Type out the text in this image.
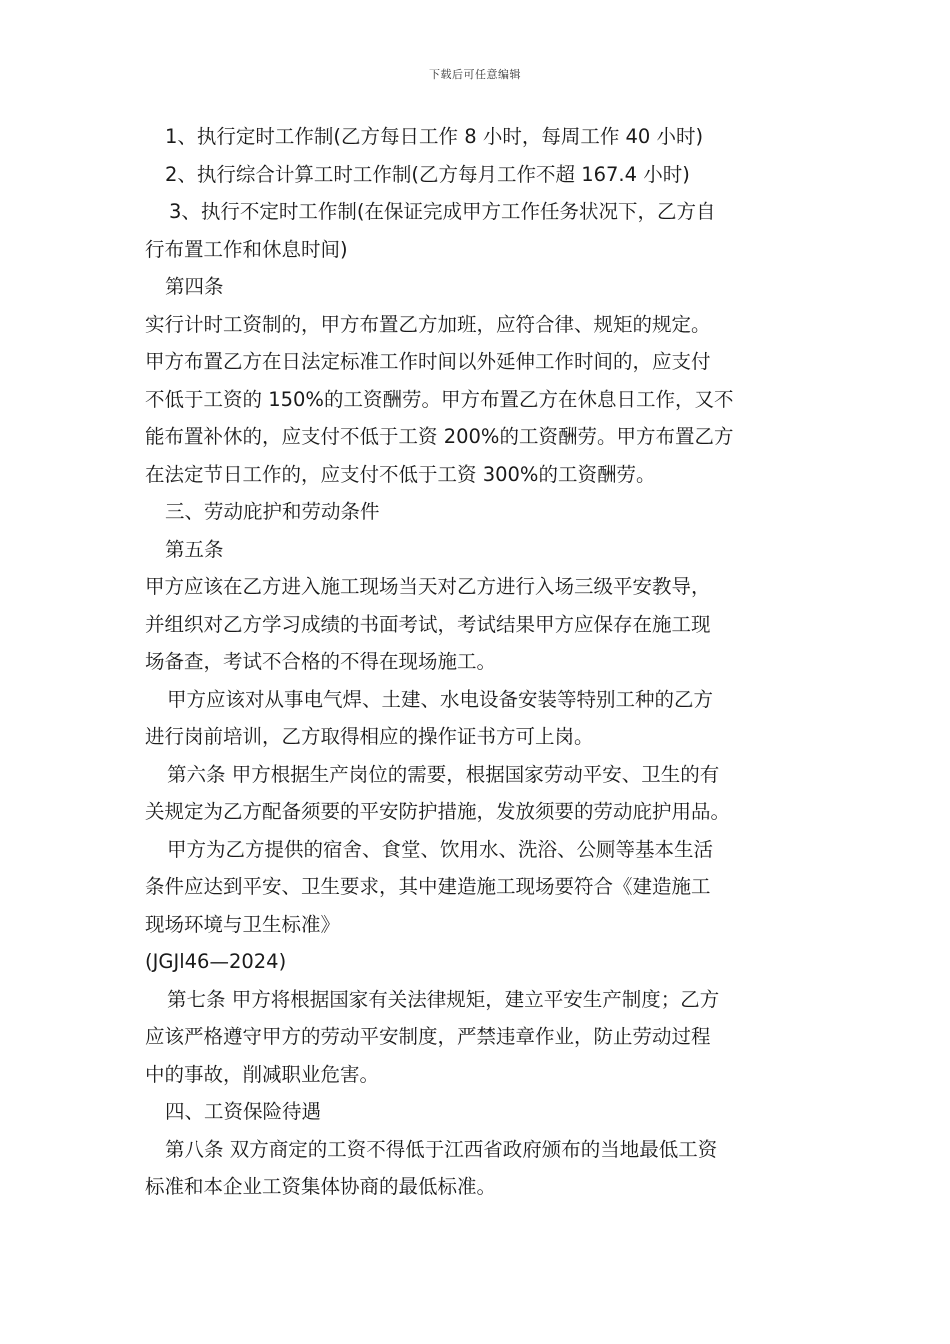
下载后可任意编辑
1、执行定时工作制(乙方每日工作 8 小时，每周工作 40 小时)
2、执行综合计算工时工作制(乙方每月工作不超 167.4 小时)
3、执行不定时工作制(在保证完成甲方工作任务状况下，乙方自
行布置工作和休息时间)
第四条
实行计时工资制的，甲方布置乙方加班，应符合律、规矩的规定。
甲方布置乙方在日法定标准工作时间以外延伸工作时间的，应支付
不低于工资的 150%的工资酬劳。甲方布置乙方在休息日工作，又不
能布置补休的，应支付不低于工资 200%的工资酬劳。甲方布置乙方
在法定节日工作的，应支付不低于工资 300%的工资酬劳。
三、劳动庇护和劳动条件
第五条
甲方应该在乙方进入施工现场当天对乙方进行入场三级平安教导，
并组织对乙方学习成绩的书面考试，考试结果甲方应保存在施工现
场备查，考试不合格的不得在现场施工。
甲方应该对从事电气焊、土建、水电设备安装等特别工种的乙方
进行岗前培训，乙方取得相应的操作证书方可上岗。
第六条 甲方根据生产岗位的需要，根据国家劳动平安、卫生的有
关规定为乙方配备须要的平安防护措施，发放须要的劳动庇护用品。
甲方为乙方提供的宿舍、食堂、饮用水、洗浴、公厕等基本生活
条件应达到平安、卫生要求，其中建造施工现场要符合《建造施工
现场环境与卫生标准》
(JGJl46—2024)
第七条 甲方将根据国家有关法律规矩，建立平安生产制度；乙方
应该严格遵守甲方的劳动平安制度，严禁违章作业，防止劳动过程
中的事故，削减职业危害。
四、工资保险待遇
第八条 双方商定的工资不得低于江西省政府颁布的当地最低工资
标准和本企业工资集体协商的最低标准。
